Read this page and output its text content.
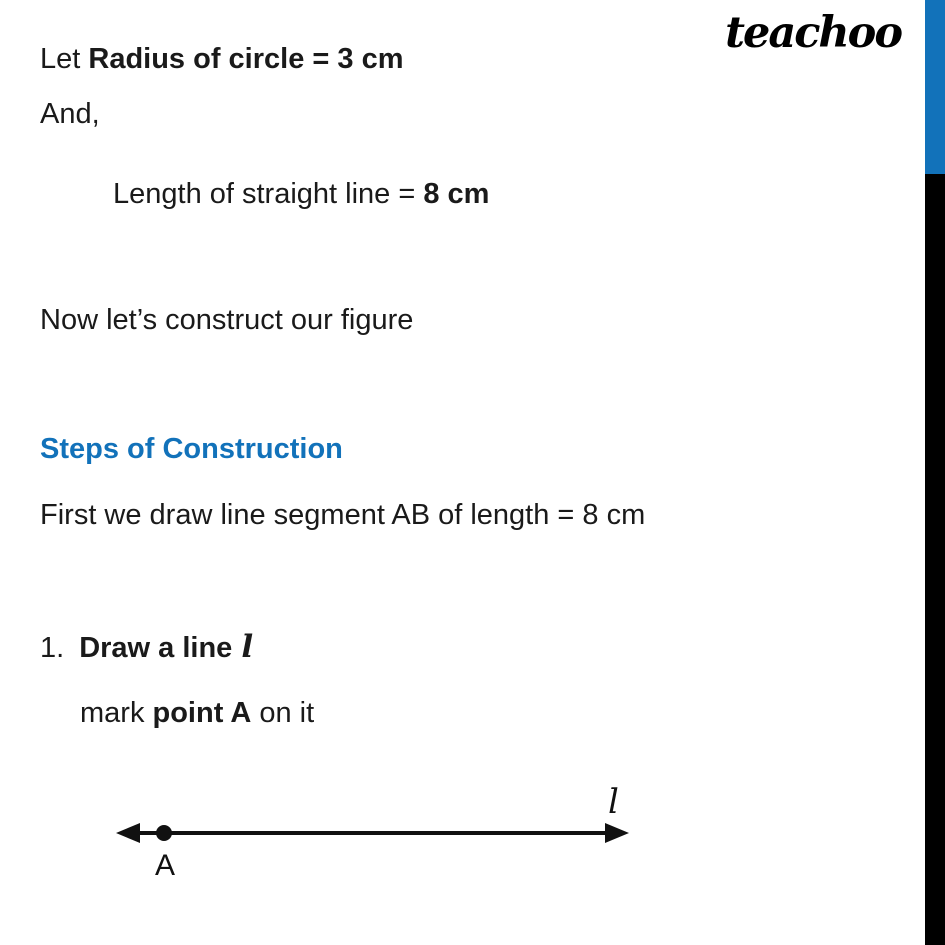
teachoo
Let Radius of circle = 3 cm
And,
Length of straight line = 8 cm
Now let’s construct our figure
Steps of Construction
First we draw line segment AB of length = 8 cm
1. Draw a line l
mark point A on it
A
l
